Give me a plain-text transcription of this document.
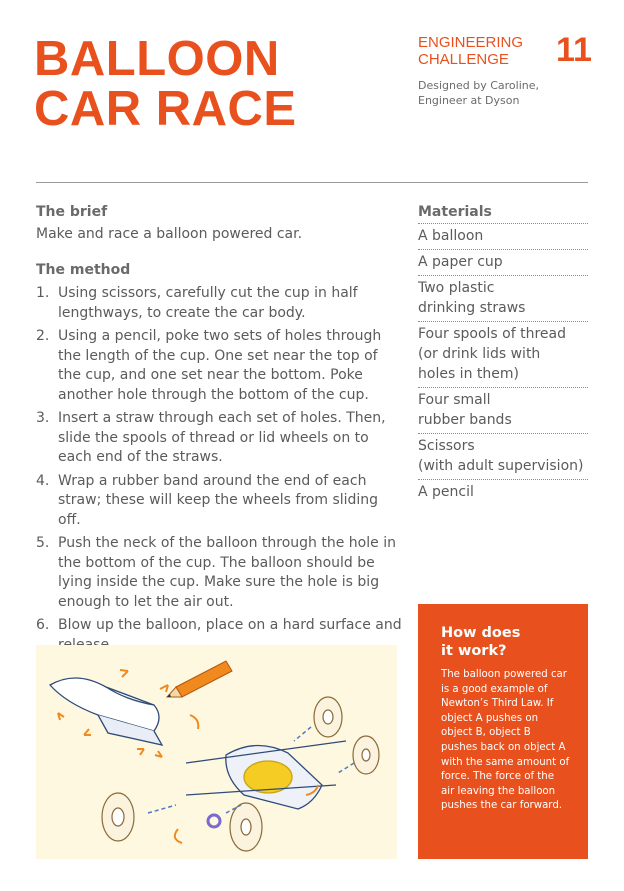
BALLOON
CAR RACE
ENGINEERING
CHALLENGE	11
Designed by Caroline,
Engineer at Dyson
The brief

Make and race a balloon powered car.

The method
1. Using scissors, carefully cut the cup in half lengthways, to create the car body.
2. Using a pencil, poke two sets of holes through the length of the cup. One set near the top of the cup, and one set near the bottom. Poke another hole through the bottom of the cup.
3. Insert a straw through each set of holes. Then, slide the spools of thread or lid wheels on to each end of the straws.
4. Wrap a rubber band around the end of each straw; these will keep the wheels from sliding off.
5. Push the neck of the balloon through the hole in the bottom of the cup. The balloon should be lying inside the cup. Make sure the hole is big enough to let the air out.
6. Blow up the balloon, place on a hard surface and
Materials
A balloon
A paper cup
Two plastic
drinking straws
Four spools of thread
(or drink lids with
holes in them)
Four small
rubber bands
Scissors
(with adult supervision)
A pencil
How does
it work?
The balloon powered car is a good example of Newton’s Third Law. If object A pushes on object B, object B pushes back on object A with the same amount of force. The force of the air leaving the balloon pushes the car forward.
